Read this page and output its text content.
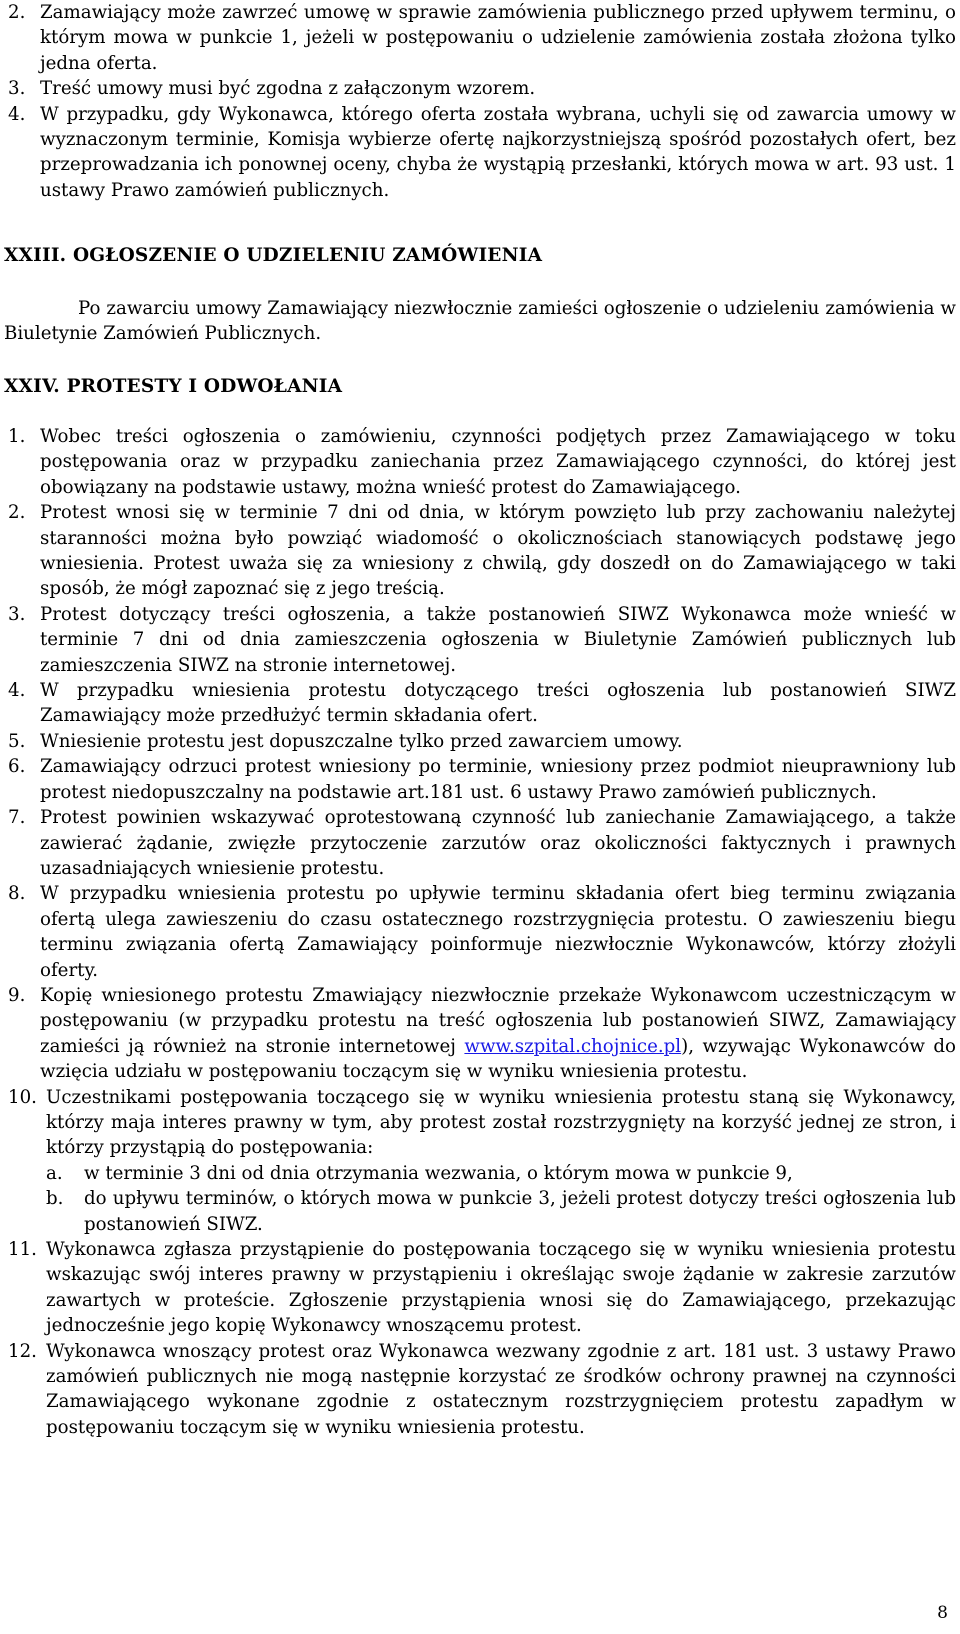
2. Zamawiający może zawrzeć umowę w sprawie zamówienia publicznego przed upływem terminu, o którym mowa w punkcie 1, jeżeli w postępowaniu o udzielenie zamówienia została złożona tylko jedna oferta.
3. Treść umowy musi być zgodna z załączonym wzorem.
4. W przypadku, gdy Wykonawca, którego oferta została wybrana, uchyli się od zawarcia umowy w wyznaczonym terminie, Komisja wybierze ofertę najkorzystniejszą spośród pozostałych ofert, bez przeprowadzania ich ponownej oceny, chyba że wystąpią przesłanki, których mowa w art. 93 ust. 1 ustawy Prawo zamówień publicznych.
XXIII. OGŁOSZENIE O UDZIELENIU ZAMÓWIENIA
Po zawarciu umowy Zamawiający niezwłocznie zamieści ogłoszenie o udzieleniu zamówienia w Biuletynie Zamówień Publicznych.
XXIV. PROTESTY I ODWOŁANIA
1. Wobec treści ogłoszenia o zamówieniu, czynności podjętych przez Zamawiającego w toku postępowania oraz w przypadku zaniechania przez Zamawiającego czynności, do której jest obowiązany na podstawie ustawy, można wnieść protest do Zamawiającego.
2. Protest wnosi się w terminie 7 dni od dnia, w którym powzięto lub przy zachowaniu należytej staranności można było powziąć wiadomość o okolicznościach stanowiących podstawę jego wniesienia. Protest uważa się za wniesiony z chwilą, gdy doszedł on do Zamawiającego w taki sposób, że mógł zapoznać się z jego treścią.
3. Protest dotyczący treści ogłoszenia, a także postanowień SIWZ Wykonawca może wnieść w terminie 7 dni od dnia zamieszczenia ogłoszenia w Biuletynie Zamówień publicznych lub zamieszczenia SIWZ na stronie internetowej.
4. W przypadku wniesienia protestu dotyczącego treści ogłoszenia lub postanowień SIWZ Zamawiający może przedłużyć termin składania ofert.
5. Wniesienie protestu jest dopuszczalne tylko przed zawarciem umowy.
6. Zamawiający odrzuci protest wniesiony po terminie, wniesiony przez podmiot nieuprawniony lub protest niedopuszczalny na podstawie art.181 ust. 6 ustawy Prawo zamówień publicznych.
7. Protest powinien wskazywać oprotestowaną czynność lub zaniechanie Zamawiającego, a także zawierać żądanie, zwięzłe przytoczenie zarzutów oraz okoliczności faktycznych i prawnych uzasadniających wniesienie protestu.
8. W przypadku wniesienia protestu po upływie terminu składania ofert bieg terminu związania ofertą ulega zawieszeniu do czasu ostatecznego rozstrzygnięcia protestu. O zawieszeniu biegu terminu związania ofertą Zamawiający poinformuje niezwłocznie Wykonawców, którzy złożyli oferty.
9. Kopię wniesionego protestu Zmawiający niezwłocznie przekaże Wykonawcom uczestniczącym w postępowaniu (w przypadku protestu na treść ogłoszenia lub postanowień SIWZ, Zamawiający zamieści ją również na stronie internetowej www.szpital.chojnice.pl), wzywając Wykonawców do wzięcia udziału w postępowaniu toczącym się w wyniku wniesienia protestu.
10. Uczestnikami postępowania toczącego się w wyniku wniesienia protestu staną się Wykonawcy, którzy maja interes prawny w tym, aby protest został rozstrzygnięty na korzyść jednej ze stron, i którzy przystąpią do postępowania:
a.	w terminie 3 dni od dnia otrzymania wezwania, o którym mowa w punkcie 9,
b.	do upływu terminów, o których mowa w punkcie 3, jeżeli protest dotyczy treści ogłoszenia lub postanowień SIWZ.
11. Wykonawca zgłasza przystąpienie do postępowania toczącego się w wyniku wniesienia protestu wskazując swój interes prawny w przystąpieniu i określając swoje żądanie w zakresie zarzutów zawartych w proteście. Zgłoszenie przystąpienia wnosi się do Zamawiającego, przekazując jednocześnie jego kopię Wykonawcy wnoszącemu protest.
12. Wykonawca wnoszący protest oraz Wykonawca wezwany zgodnie z art. 181 ust. 3 ustawy Prawo zamówień publicznych nie mogą następnie korzystać ze środków ochrony prawnej na czynności Zamawiającego wykonane zgodnie z ostatecznym rozstrzygnięciem protestu zapadłym w postępowaniu toczącym się w wyniku wniesienia protestu.
8
